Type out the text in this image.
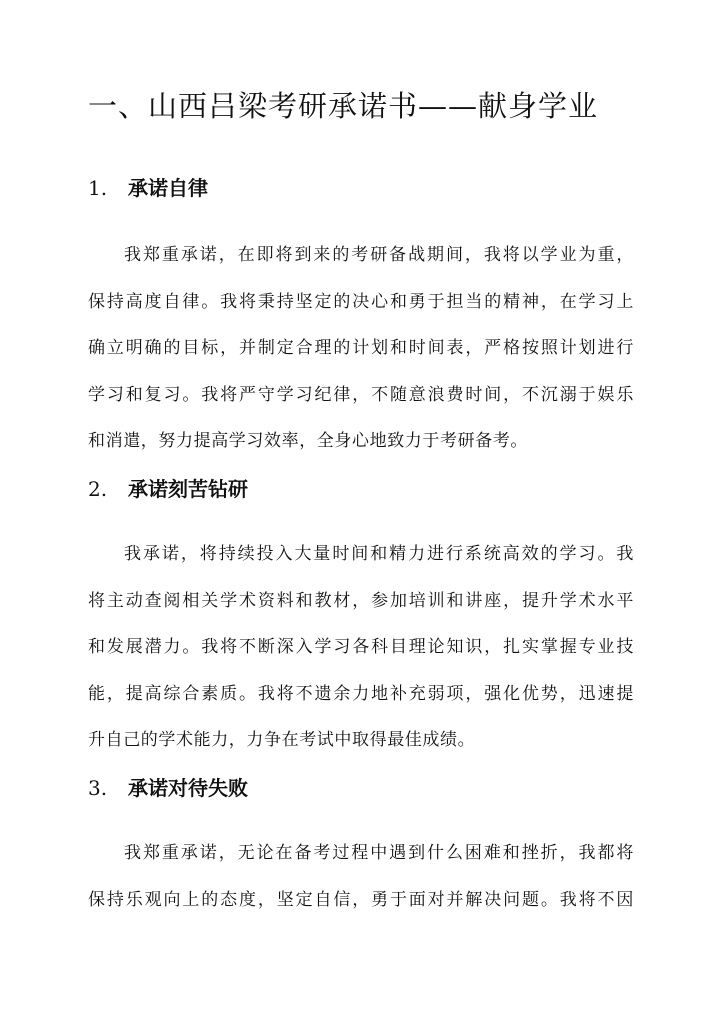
一、山西吕梁考研承诺书——献身学业
1. 承诺自律
我郑重承诺，在即将到来的考研备战期间，我将以学业为重，
保持高度自律。我将秉持坚定的决心和勇于担当的精神，在学习上
确立明确的目标，并制定合理的计划和时间表，严格按照计划进行
学习和复习。我将严守学习纪律，不随意浪费时间，不沉溺于娱乐
和消遣，努力提高学习效率，全身心地致力于考研备考。
2. 承诺刻苦钻研
我承诺，将持续投入大量时间和精力进行系统高效的学习。我
将主动查阅相关学术资料和教材，参加培训和讲座，提升学术水平
和发展潜力。我将不断深入学习各科目理论知识，扎实掌握专业技
能，提高综合素质。我将不遗余力地补充弱项，强化优势，迅速提
升自己的学术能力，力争在考试中取得最佳成绩。
3. 承诺对待失败
我郑重承诺，无论在备考过程中遇到什么困难和挫折，我都将
保持乐观向上的态度，坚定自信，勇于面对并解决问题。我将不因
